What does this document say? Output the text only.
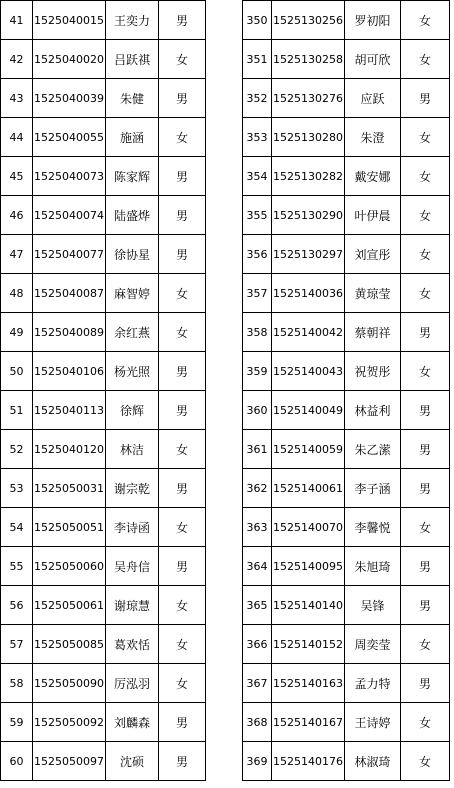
41	1525040015	王奕力	男
42	1525040020	吕跃祺	女
43	1525040039	朱健	男
44	1525040055	施涵	女
45	1525040073	陈家辉	男
46	1525040074	陆盛烨	男
47	1525040077	徐协星	男
48	1525040087	麻智婷	女
49	1525040089	余红燕	女
50	1525040106	杨光照	男
51	1525040113	徐辉	男
52	1525040120	林洁	女
53	1525050031	谢宗乾	男
54	1525050051	李诗函	女
55	1525050060	吴舟信	男
56	1525050061	谢琼慧	女
57	1525050085	葛欢恬	女
58	1525050090	厉泓羽	女
59	1525050092	刘麟森	男
60	1525050097	沈硕	男
350	1525130256	罗初阳	女
351	1525130258	胡可欣	女
352	1525130276	应跃	男
353	1525130280	朱澄	女
354	1525130282	戴安娜	女
355	1525130290	叶伊晨	女
356	1525130297	刘宣彤	女
357	1525140036	黄琼莹	女
358	1525140042	蔡朝祥	男
359	1525140043	祝贺彤	女
360	1525140049	林益利	男
361	1525140059	朱乙潆	男
362	1525140061	李子涵	男
363	1525140070	李馨悦	女
364	1525140095	朱旭琦	男
365	1525140140	吴锋	男
366	1525140152	周奕莹	女
367	1525140163	孟力特	男
368	1525140167	王诗婷	女
369	1525140176	林淑琦	女
